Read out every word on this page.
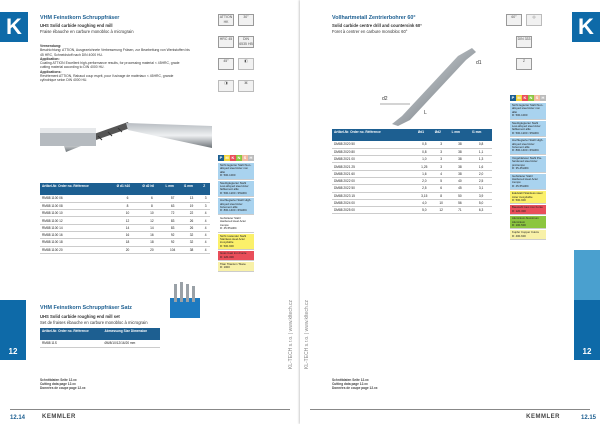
K
12
VHM Feinstkorn Schruppfräser
UHS Solid carbide roughing end mill
Fraise ébauche en carbure monobloc à micrograin
Verwendung:
Beschichtung: ATTION, Ausgezeichnete Verbesserung Fräsen, zur Bearbeitung von Werkstoffen bis 45 HRC, Schneidstoff nach DIN 4000 HU.
Application:
Coating ATTION Excellent high-performance results, for processing material < 45HRC, grade cutting material according to DIN 4000 HU.
Applications:
Revêtement ATTION, Rabaud coup esprit, pour l'usinage de matériaux < 45HRC, grande cylindrique selon DIN 4000 HU.
ATTION HK
30°
HRC 45	DIN 6535 HB
45°	◧
◨	⌘
P M K N S H
Artikel-Nr. Order no. Référence	Ø d1 h10	Ø d2 h6	L mm	l1 mm	Z
RM88 1100 06	6	6	57	13	3
RM88 1100 08	8	8	63	19	3
RM88 1100 10	10	10	72	22	4
RM88 1100 12	12	12	83	26	4
RM88 1100 14	14	14	83	26	4
RM88 1100 16	16	16	92	32	4
RM88 1100 18	18	18	92	32	4
RM88 1100 20	20	20	104	38	4
Nicht legierter Stahl Non-alloyed steel Acier non allié
R: 500-1000
Niedriglegierter Stahl Low-alloyed steel Acier faiblement allié
R: 500-1200 <35HRC
Hochlegierter Stahl High-alloyed steel Acier fortement allié
R: 800-1400 <45HRC
Gehärteter Stahl Hardened steel Acier trempé
R: 45-55HRC
Nicht rostender Stahl Stainless steel Acier inoxydable
R: 500-900
Guss Cast iron Fonte
R: 120-300
Titan Titanium Titane
R: 1000
VHM Feinstkorn Schruppfräser Satz
UHS Solid carbide roughing end mill set
Set de fraises ébauche en carbure monobloc à micrograin
Artikel-Nr. Order no. Référence	Abmessung Size Dimension
RM88 11S	Ø6/8/10/12/16/20 mm
Schnittdaten Seite 12.xx
Cutting data page 12.xx
Données de coupe page 12.xx
12.14	KEMMLER
KL-TECH s.r.o. | www.kltech.cz
K
12
Vollhartmetall Zentrierbohrer 60°
Solid carbide centre drill and countersink 60°
Foret à centrer en carbure monobloc 60°
60°	◎
DIN 333
Z
d2
L
d1
P M K N S H
Artikel-Nr. Order no. Référence	Ød1	Ød2	L mm	l1 mm
DM88 2020 50	0,5	3	38	0,8
DM88 2020 80	0,8	3	38	1,1
DM88 2021 00	1,0	3	38	1,3
DM88 2021 25	1,25	3	38	1,6
DM88 2021 60	1,6	4	38	2,0
DM88 2022 00	2,0	5	40	2,5
DM88 2022 50	2,5	6	45	3,1
DM88 2023 15	3,15	8	50	3,9
DM88 2024 00	4,0	10	56	5,0
DM88 2025 00	5,0	12	71	6,3
Nicht legierter Stahl Non-alloyed steel Acier non allié
R: 500-1000
Niedriglegierter Stahl Low-alloyed steel Acier faiblement allié
R: 500-1200 <35HRC
Hochlegierter Stahl High-alloyed steel Acier fortement allié
R: 800-1400 <45HRC
Vorgehärteter Stahl Pre-hardened steel Acier prétrempé
R: 35-45HRC
Gehärteter Stahl Hardened steel Acier trempé
R: 45-55HRC
Edelstahl Stainless steel Acier inoxydable
R: 500-900
Baustahl Cast iron Fonte
R: 120-300
Aluminium Aluminium Aluminium
R: 100-500
Kupfer Copper Cuivre
R: 400-600
Schnittdaten Seite 12.xx
Cutting data page 12.xx
Données de coupe page 12.xx
KEMMLER	12.15
KL-TECH s.r.o. | www.kltech.cz
